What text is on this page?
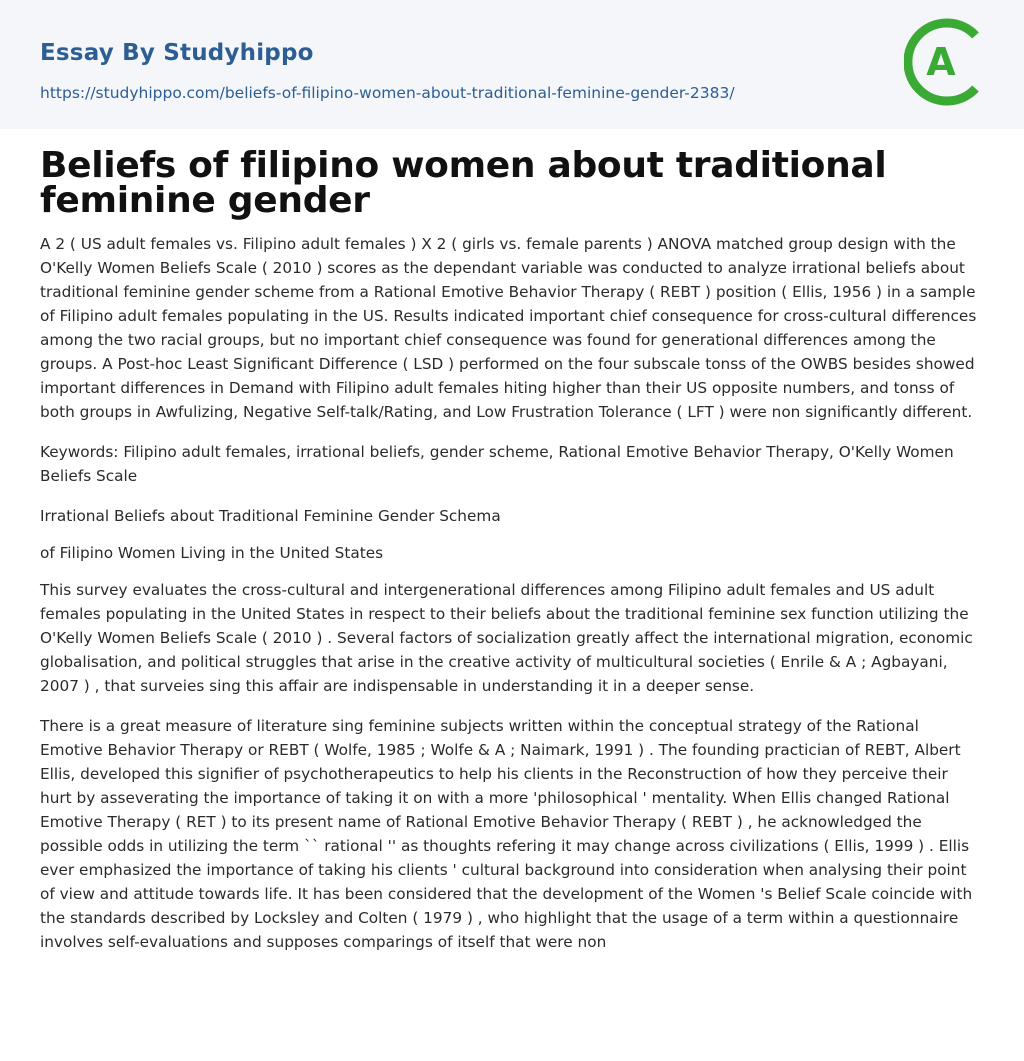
Essay By Studyhippo
https://studyhippo.com/beliefs-of-filipino-women-about-traditional-feminine-gender-2383/
A
Beliefs of filipino women about traditional feminine gender

A 2 ( US adult females vs. Filipino adult females ) X 2 ( girls vs. female parents ) ANOVA matched group design with the O'Kelly Women Beliefs Scale ( 2010 ) scores as the dependant variable was conducted to analyze irrational beliefs about traditional feminine gender scheme from a Rational Emotive Behavior Therapy ( REBT ) position ( Ellis, 1956 ) in a sample of Filipino adult females populating in the US. Results indicated important chief consequence for cross-cultural differences among the two racial groups, but no important chief consequence was found for generational differences among the groups. A Post-hoc Least Significant Difference ( LSD ) performed on the four subscale tonss of the OWBS besides showed important differences in Demand with Filipino adult females hiting higher than their US opposite numbers, and tonss of both groups in Awfulizing, Negative Self-talk/Rating, and Low Frustration Tolerance ( LFT ) were non significantly different.

Keywords: Filipino adult females, irrational beliefs, gender scheme, Rational Emotive Behavior Therapy, O'Kelly Women Beliefs Scale

Irrational Beliefs about Traditional Feminine Gender Schema

of Filipino Women Living in the United States

This survey evaluates the cross-cultural and intergenerational differences among Filipino adult females and US adult females populating in the United States in respect to their beliefs about the traditional feminine sex function utilizing the O'Kelly Women Beliefs Scale ( 2010 ) . Several factors of socialization greatly affect the international migration, economic globalisation, and political struggles that arise in the creative activity of multicultural societies ( Enrile & A ; Agbayani, 2007 ) , that surveies sing this affair are indispensable in understanding it in a deeper sense.

There is a great measure of literature sing feminine subjects written within the conceptual strategy of the Rational Emotive Behavior Therapy or REBT ( Wolfe, 1985 ; Wolfe & A ; Naimark, 1991 ) . The founding practician of REBT, Albert Ellis, developed this signifier of psychotherapeutics to help his clients in the Reconstruction of how they perceive their hurt by asseverating the importance of taking it on with a more 'philosophical ' mentality. When Ellis changed Rational Emotive Therapy ( RET ) to its present name of Rational Emotive Behavior Therapy ( REBT ) , he acknowledged the possible odds in utilizing the term `` rational '' as thoughts refering it may change across civilizations ( Ellis, 1999 ) . Ellis ever emphasized the importance of taking his clients ' cultural background into consideration when analysing their point of view and attitude towards life. It has been considered that the development of the Women 's Belief Scale coincide with the standards described by Locksley and Colten ( 1979 ) , who highlight that the usage of a term within a questionnaire involves self-evaluations and supposes comparings of itself that were non
